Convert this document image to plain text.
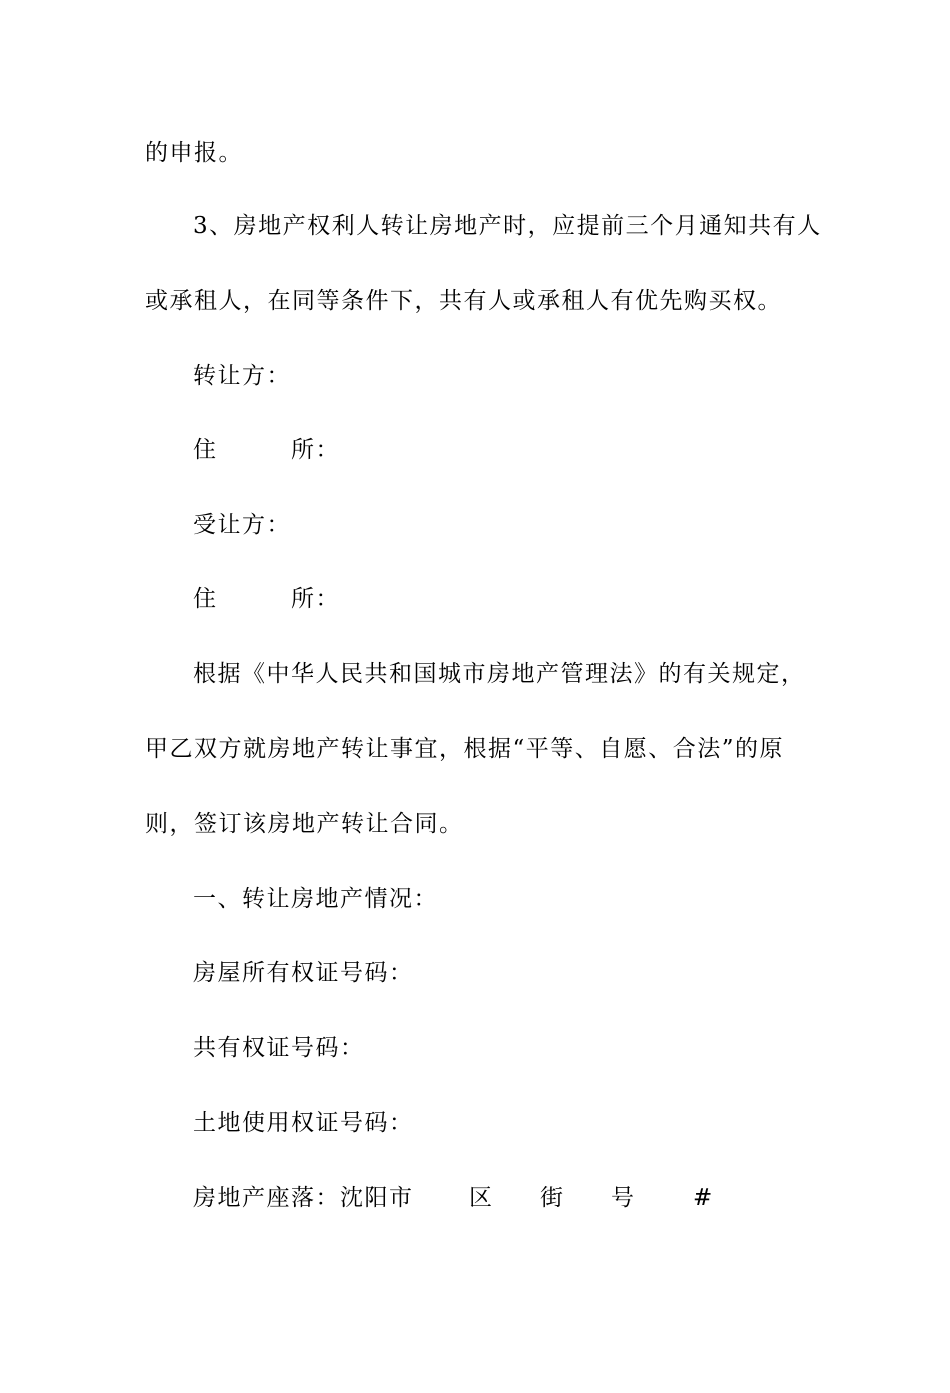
的申报。
3、房地产权利人转让房地产时，应提前三个月通知共有人
或承租人，在同等条件下，共有人或承租人有优先购买权。
转让方：
住　　　所：
受让方：
住　　　所：
根据《中华人民共和国城市房地产管理法》的有关规定，
甲乙双方就房地产转让事宜，根据“平等、自愿、合法”的原
则，签订该房地产转让合同。
一、转让房地产情况：
房屋所有权证号码：
共有权证号码：
土地使用权证号码：

房地产座落：沈阳市

区

街

号

	#
